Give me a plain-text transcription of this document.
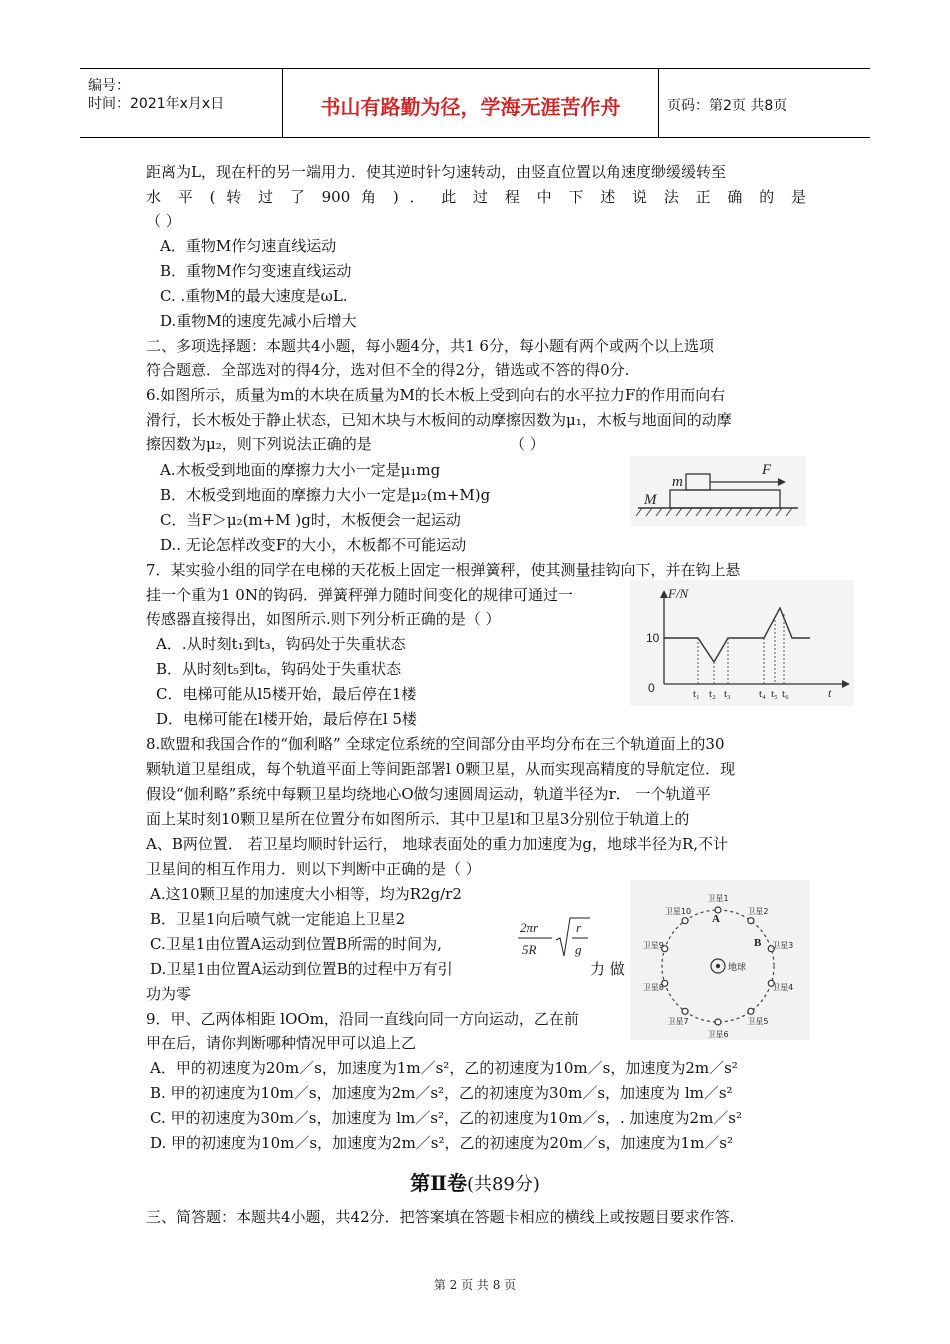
编号：
时间：2021年x月x日	书山有路勤为径，学海无涯苦作舟	页码：第2页 共8页
距离为L，现在杆的另一端用力．使其逆时针匀速转动，由竖直位置以角速度缈缓缓转至
水 平 ( 转 过 了 900 角 ) ． 此 过 程 中 下 述 说 法 正 确 的 是
（ ）
A．重物M作匀速直线运动
B．重物M作匀变速直线运动
C. .重物M的最大速度是ωL.
D.重物M的速度先减小后增大
二、多项选择题：本题共4小题，每小题4分，共1 6分，每小题有两个或两个以上选项
符合题意．全部选对的得4分，选对但不全的得2分，错选或不答的得0分.
6.如图所示，质量为m的木块在质量为M的长木板上受到向右的水平拉力F的作用而向右
滑行，长木板处于静止状态，已知木块与木板间的动摩擦因数为μ₁，木板与地面间的动摩
擦因数为μ₂，则下列说法正确的是	（ ）
A.木板受到地面的摩擦力大小一定是μ₁mg
B．木板受到地面的摩擦力大小一定是μ₂(m+M)g
C．当F＞μ₂(m+M )g时，木板便会一起运动
D.. 无论怎样改变F的大小，木板都不可能运动
7．某实验小组的同学在电梯的天花板上固定一根弹簧秤，使其测量挂钩向下，并在钩上悬
挂一个重为1 0N的钩码．弹簧秤弹力随时间变化的规律可通过一
传感器直接得出，如图所示.则下列分析正确的是（ ）
A．.从时刻t₁到t₃，钩码处于失重状态
B．从时刻t₅到t₆，钩码处于失重状态
C．电梯可能从l5楼开始，最后停在1楼
D．电梯可能在l楼开始，最后停在l 5楼
8.欧盟和我国合作的“伽利略” 全球定位系统的空间部分由平均分布在三个轨道面上的30
颗轨道卫星组成，每个轨道平面上等间距部署l 0颗卫星，从而实现高精度的导航定位．现
假设“伽利略”系统中每颗卫星均绕地心O做匀速圆周运动，轨道半径为r． 一个轨道平
面上某时刻10颗卫星所在位置分布如图所示．其中卫星l和卫星3分别位于轨道上的
A、B两位置． 若卫星均顺时针运行， 地球表面处的重力加速度为g，地球半径为R,不计
卫星间的相互作用力．则以下判断中正确的是（ ）
A.这10颗卫星的加速度大小相等，均为R2g/r2
B．卫星1向后喷气就一定能追上卫星2
C.卫星1由位置A运动到位置B所需的时间为,
D.卫星1由位置A运动到位置B的过程中万有引	力 做
功为零
9．甲、乙两体相距 lOOm，沿同一直线向同一方向运动，乙在前
甲在后，请你判断哪种情况甲可以追上乙
A．甲的初速度为20m／s，加速度为1m／s²，乙的初速度为10m／s，加速度为2m／s²
B. 甲的初速度为10m／s，加速度为2m／s²，乙的初速度为30m／s，加速度为 lm／s²
C. 甲的初速度为30m／s，加速度为 lm／s²，乙的初速度为10m／s，. 加速度为2m／s²
D. 甲的初速度为10m／s，加速度为2m／s²，乙的初速度为20m／s，加速度为1m／s²
第Ⅱ卷(共89分)
三、简答题：本题共4小题，共42分．把答案填在答题卡相应的横线上或按题目要求作答.
第 2 页 共 8 页
m
F
M
F/N
10
0	t₁ t₂ t₃	t₄ t₅ t₆	t
2πr
5R
r
g
地球
A
B
卫星1
卫星2
卫星3
卫星4
卫星5
卫星6
卫星7
卫星8
卫星9
卫星10
